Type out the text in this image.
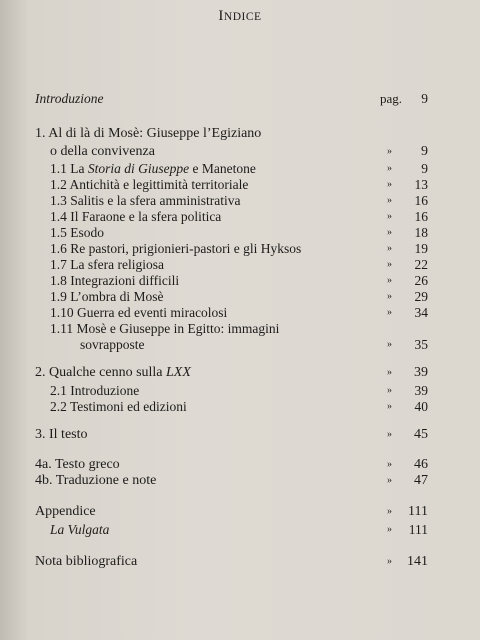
INDICE
Introduzione	pag. 9
1. Al di là di Mosè: Giuseppe l’Egiziano
o della convivenza	» 9
1.1 La Storia di Giuseppe e Manetone	» 9
1.2 Antichità e legittimità territoriale	» 13
1.3 Salitis e la sfera amministrativa	» 16
1.4 Il Faraone e la sfera politica	» 16
1.5 Esodo	» 18
1.6 Re pastori, prigionieri-pastori e gli Hyksos	» 19
1.7 La sfera religiosa	» 22
1.8 Integrazioni difficili	» 26
1.9 L’ombra di Mosè	» 29
1.10 Guerra ed eventi miracolosi	» 34
1.11 Mosè e Giuseppe in Egitto: immagini
sovrapposte	» 35
2. Qualche cenno sulla LXX	» 39
2.1 Introduzione	» 39
2.2 Testimoni ed edizioni	» 40
3. Il testo	» 45
4a. Testo greco	» 46
4b. Traduzione e note	» 47
Appendice	» 111
La Vulgata	» 111
Nota bibliografica	» 141
